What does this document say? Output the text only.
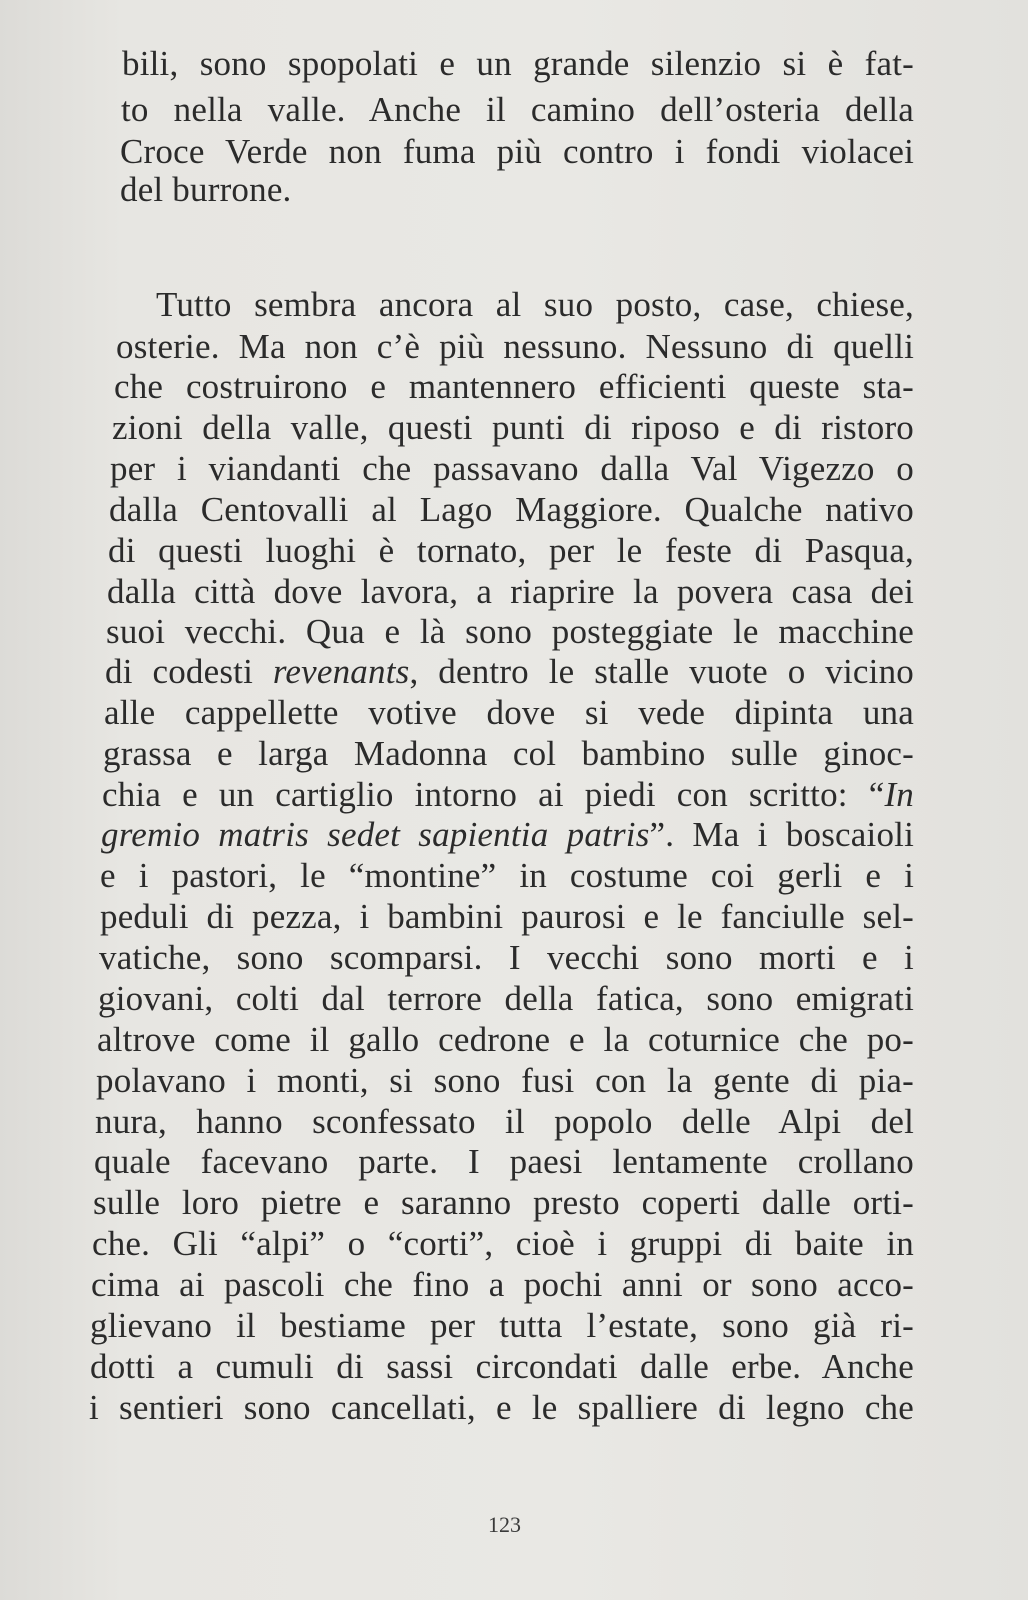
bili, sono spopolati e un grande silenzio si è fat-
to nella valle. Anche il camino dell’osteria della
Croce Verde non fuma più contro i fondi violacei
del burrone.
Tutto sembra ancora al suo posto, case, chiese,
osterie. Ma non c’è più nessuno. Nessuno di quelli
che costruirono e mantennero efficienti queste sta-
zioni della valle, questi punti di riposo e di ristoro
per i viandanti che passavano dalla Val Vigezzo o
dalla Centovalli al Lago Maggiore. Qualche nativo
di questi luoghi è tornato, per le feste di Pasqua,
dalla città dove lavora, a riaprire la povera casa dei
suoi vecchi. Qua e là sono posteggiate le macchine
di codesti revenants, dentro le stalle vuote o vicino
alle cappellette votive dove si vede dipinta una
grassa e larga Madonna col bambino sulle ginoc-
chia e un cartiglio intorno ai piedi con scritto: “In
gremio matris sedet sapientia patris”. Ma i boscaioli
e i pastori, le “montine” in costume coi gerli e i
peduli di pezza, i bambini paurosi e le fanciulle sel-
vatiche, sono scomparsi. I vecchi sono morti e i
giovani, colti dal terrore della fatica, sono emigrati
altrove come il gallo cedrone e la coturnice che po-
polavano i monti, si sono fusi con la gente di pia-
nura, hanno sconfessato il popolo delle Alpi del
quale facevano parte. I paesi lentamente crollano
sulle loro pietre e saranno presto coperti dalle orti-
che. Gli “alpi” o “corti”, cioè i gruppi di baite in
cima ai pascoli che fino a pochi anni or sono acco-
glievano il bestiame per tutta l’estate, sono già ri-
dotti a cumuli di sassi circondati dalle erbe. Anche
i sentieri sono cancellati, e le spalliere di legno che
123
